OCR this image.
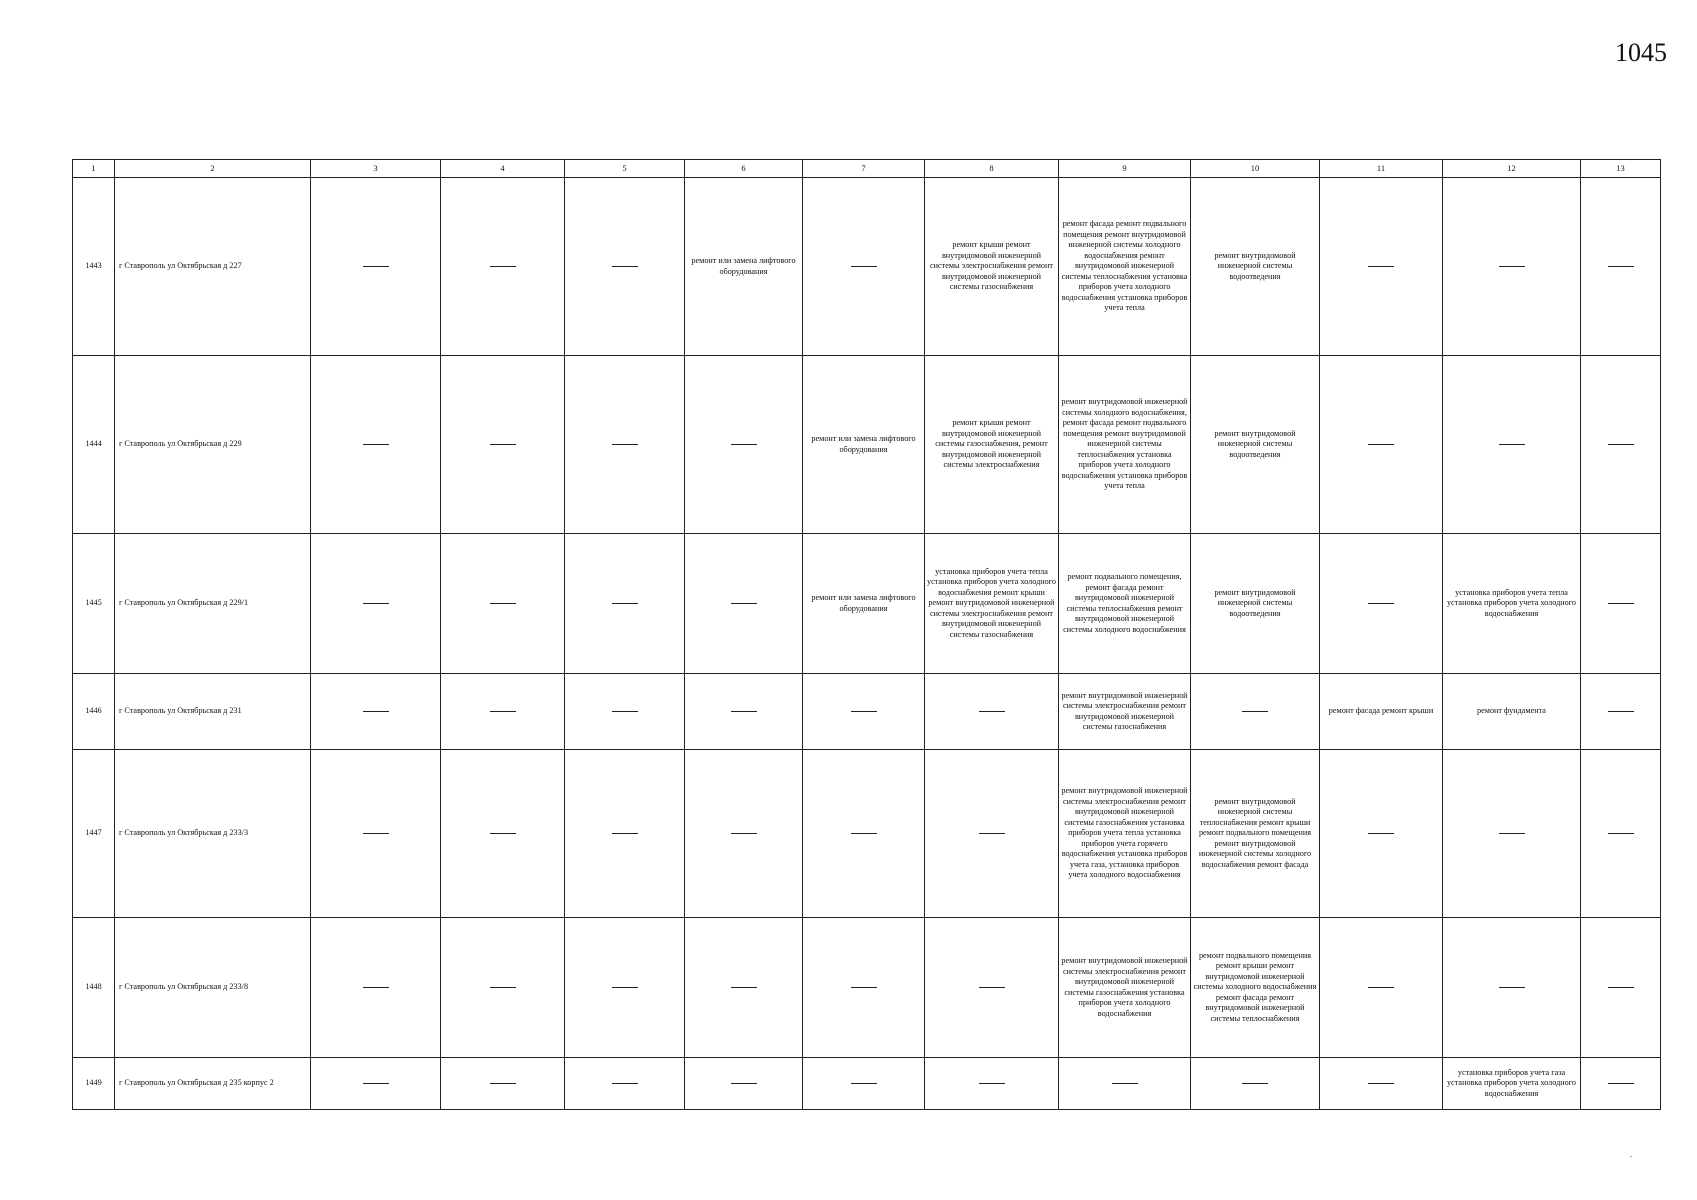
1045
1	2	3	4	5	6	7	8	9	10	11	12	13
1443	г Ставрополь ул Октябрьская д 227				ремонт или замена лифтового оборудования		ремонт крыши ремонт внутридомовой инженерной системы электроснабжения ремонт внутридомовой инженерной системы газоснабжения	ремонт фасада ремонт подвального помещения ремонт внутридомовой инженерной системы холодного водоснабжения ремонт внутридомовой инженерной системы теплоснабжения установка приборов учета холодного водоснабжения установка приборов учета тепла	ремонт внутридомовой инженерной системы водоотведения			
1444	г Ставрополь ул Октябрьская д 229					ремонт или замена лифтового оборудования	ремонт крыши ремонт внутридомовой инженерной системы газоснабжения, ремонт внутридомовой инженерной системы электроснабжения	ремонт внутридомовой инженерной системы холодного водоснабжения, ремонт фасада ремонт подвального помещения ремонт внутридомовой инженерной системы теплоснабжения установка приборов учета холодного водоснабжения установка приборов учета тепла	ремонт внутридомовой инженерной системы водоотведения			
1445	г Ставрополь ул Октябрьская д 229/1					ремонт или замена лифтового оборудования	установка приборов учета тепла установка приборов учета холодного водоснабжения ремонт крыши ремонт внутридомовой инженерной системы электроснабжения ремонт внутридомовой инженерной системы газоснабжения	ремонт подвального помещения, ремонт фасада ремонт внутридомовой инженерной системы теплоснабжения ремонт внутридомовой инженерной системы холодного водоснабжения	ремонт внутридомовой инженерной системы водоотведения		установка приборов учета тепла установка приборов учета холодного водоснабжения	
1446	г Ставрополь ул Октябрьская д 231							ремонт внутридомовой инженерной системы электроснабжения ремонт внутридомовой инженерной системы газоснабжения		ремонт фасада ремонт крыши	ремонт фундамента	
1447	г Ставрополь ул Октябрьская д 233/3							ремонт внутридомовой инженерной системы электроснабжения ремонт внутридомовой инженерной системы газоснабжения установка приборов учета тепла установка приборов учета горячего водоснабжения установка приборов учета газа, установка приборов учета холодного водоснабжения	ремонт внутридомовой инженерной системы теплоснабжения ремонт крыши ремонт подвального помещения ремонт внутридомовой инженерной системы холодного водоснабжения ремонт фасада			
1448	г Ставрополь ул Октябрьская д 233/8							ремонт внутридомовой инженерной системы электроснабжения ремонт внутридомовой инженерной системы газоснабжения установка приборов учета холодного водоснабжения	ремонт подвального помещения ремонт крыши ремонт внутридомовой инженерной системы холодного водоснабжения ремонт фасада ремонт внутридомовой инженерной системы теплоснабжения			
1449	г Ставрополь ул Октябрьская д 235 корпус 2										установка приборов учета газа установка приборов учета холодного водоснабжения	
.
